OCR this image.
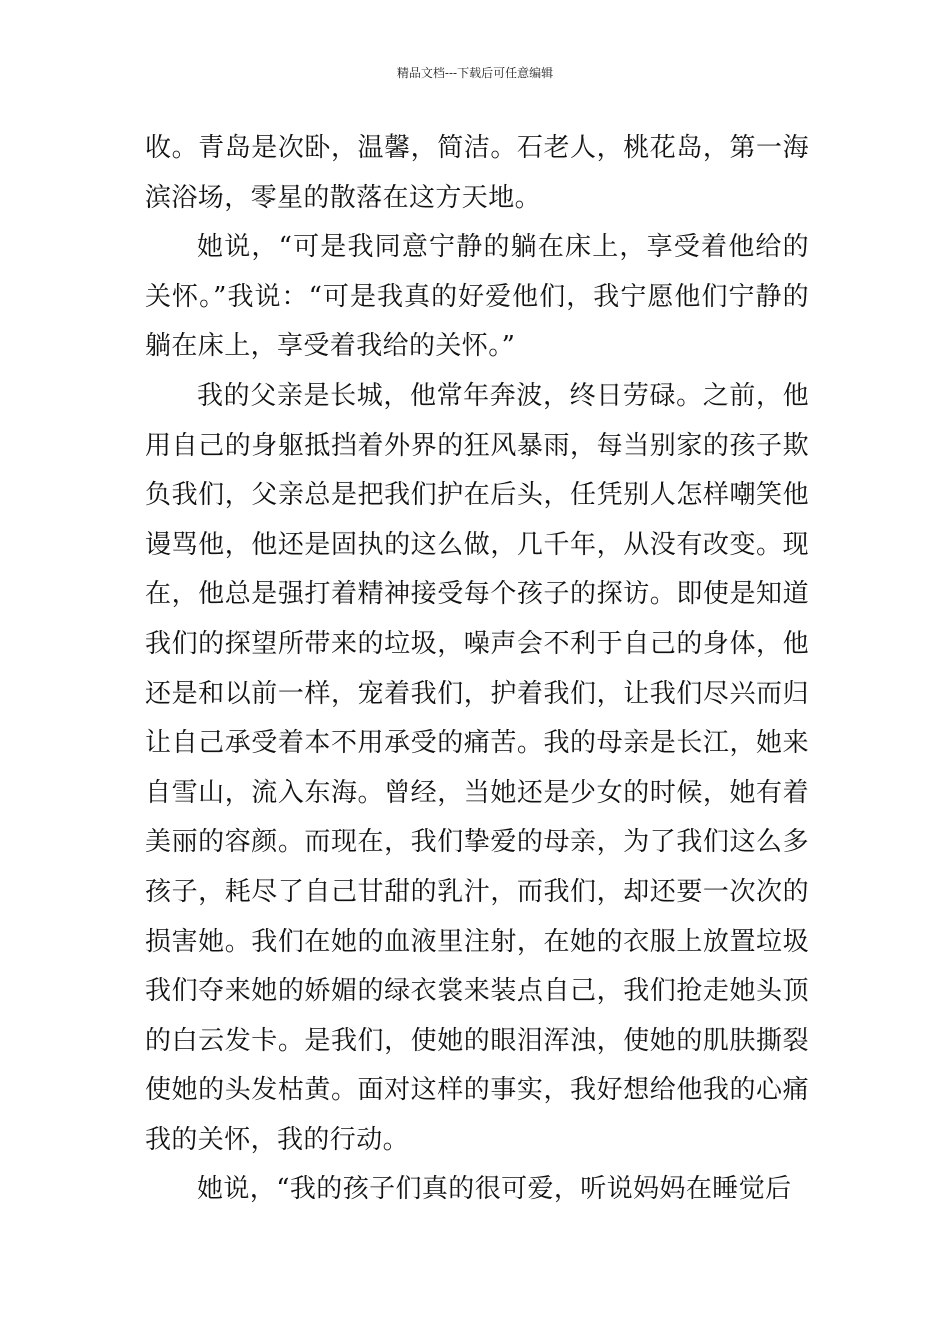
精品文档---下载后可任意编辑

收。青岛是次卧，温馨，简洁。石老人，桃花岛，第一海滨浴场，零星的散落在这方天地。

她说，“可是我同意宁静的躺在床上，享受着他给的关怀。”我说：“可是我真的好爱他们，我宁愿他们宁静的躺在床上，享受着我给的关怀。”

我的父亲是长城，他常年奔波，终日劳碌。之前，他用自己的身躯抵挡着外界的狂风暴雨，每当别家的孩子欺负我们，父亲总是把我们护在后头，任凭别人怎样嘲笑他谩骂他，他还是固执的这么做，几千年，从没有改变。现在，他总是强打着精神接受每个孩子的探访。即使是知道我们的探望所带来的垃圾，噪声会不利于自己的身体，他还是和以前一样，宠着我们，护着我们，让我们尽兴而归让自己承受着本不用承受的痛苦。我的母亲是长江，她来自雪山，流入东海。曾经，当她还是少女的时候，她有着美丽的容颜。而现在，我们挚爱的母亲，为了我们这么多孩子，耗尽了自己甘甜的乳汁，而我们，却还要一次次的损害她。我们在她的血液里注射，在她的衣服上放置垃圾我们夺来她的娇媚的绿衣裳来装点自己，我们抢走她头顶的白云发卡。是我们，使她的眼泪浑浊，使她的肌肤撕裂使她的头发枯黄。面对这样的事实，我好想给他我的心痛我的关怀，我的行动。

她说，“我的孩子们真的很可爱，听说妈妈在睡觉后
